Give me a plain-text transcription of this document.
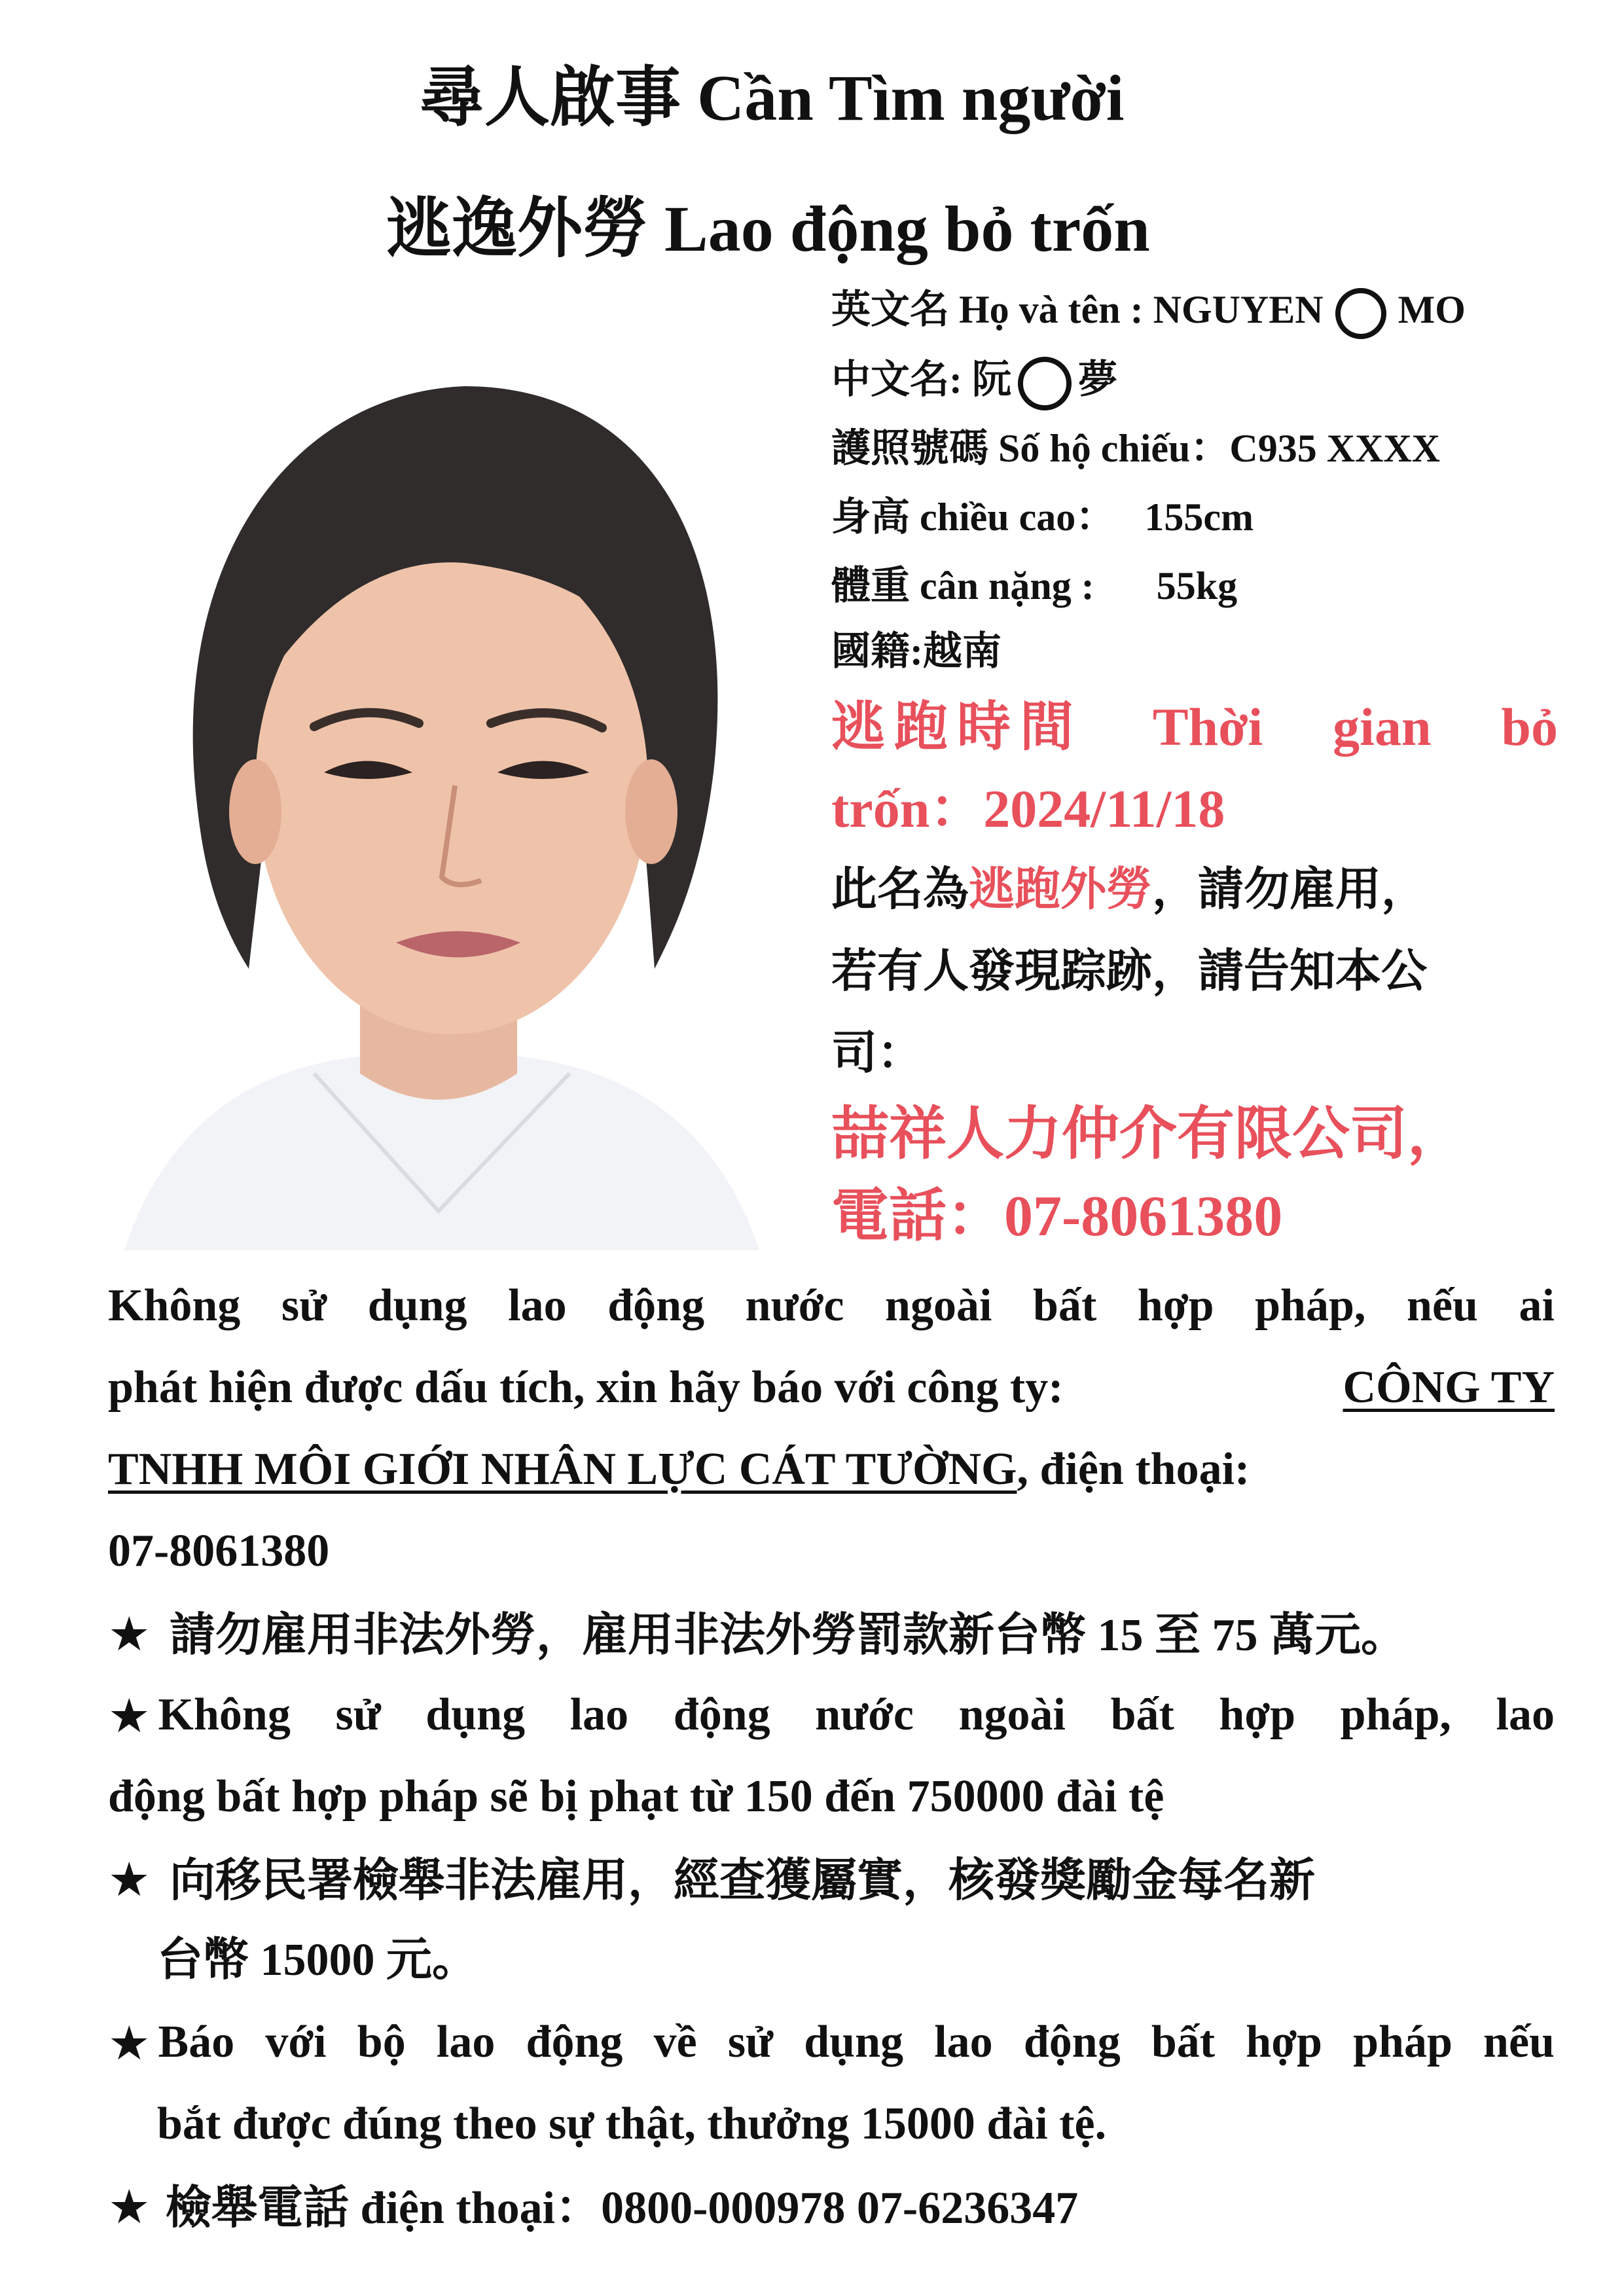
尋人啟事 Cần Tìm người
逃逸外勞 Lao động bỏ trốn
英文名 Họ và tên : NGUYEN MO
中文名: 阮 夢
護照號碼 Số hộ chiếu：C935 XXXX
身高 chiều cao： 155cm
體重 cân nặng : 55kg
國籍:越南
逃跑時間 Thời gian bỏ
trốn：2024/11/18
此名為逃跑外勞，請勿雇用，
若有人發現踪跡，請告知本公
司：
喆祥人力仲介有限公司，
電話：07-8061380
Không sử dụng lao động nước ngoài bất hợp pháp, nếu ai
phát hiện được dấu tích, xin hãy báo với công ty:	CÔNG TY
TNHH MÔI GIỚI NHÂN LỰC CÁT TƯỜNG, điện thoại:
07-8061380
★ 請勿雇用非法外勞，雇用非法外勞罰款新台幣 15 至 75 萬元。
★ Không sử dụng lao động nước ngoài bất hợp pháp, lao
động bất hợp pháp sẽ bị phạt từ 150 đến 750000 đài tệ
★ 向移民署檢舉非法雇用，經查獲屬實，核發獎勵金每名新
台幣 15000 元。
★ Báo với bộ lao động về sử dụng lao động bất hợp pháp nếu
bắt được đúng theo sự thật, thưởng 15000 đài tệ.
★ 檢舉電話 điện thoại：0800-000978 07-6236347
